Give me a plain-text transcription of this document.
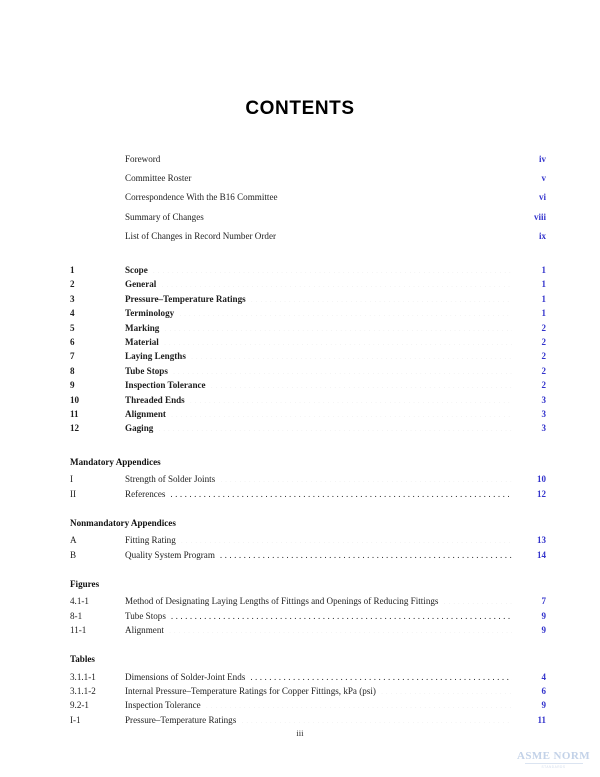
CONTENTS
Foreword . . .	iv
Committee Roster . . .	v
Correspondence With the B16 Committee . . .	vi
Summary of Changes . . .	viii
List of Changes in Record Number Order . . .	ix
1	Scope . . .	1
2	General . . .	1
3	Pressure–Temperature Ratings . . .	1
4	Terminology . . .	1
5	Marking . . .	2
6	Material . . .	2
7	Laying Lengths . . .	2
8	Tube Stops . . .	2
9	Inspection Tolerance . . .	2
10	Threaded Ends . . .	3
11	Alignment . . .	3
12	Gaging . . .	3
Mandatory Appendices
I	Strength of Solder Joints . . .	10
II	References . . .	12
Nonmandatory Appendices
A	Fitting Rating . . .	13
B	Quality System Program . . .	14
Figures
4.1-1	Method of Designating Laying Lengths of Fittings and Openings of Reducing Fittings . . .	7
8-1	Tube Stops . . .	9
11-1	Alignment . . .	9
Tables
3.1.1-1	Dimensions of Solder-Joint Ends . . .	4
3.1.1-2	Internal Pressure–Temperature Ratings for Copper Fittings, kPa (psi) . . .	6
9.2-1	Inspection Tolerance . . .	9
I-1	Pressure–Temperature Ratings . . .	11
iii
ASME NORM
STANDARDS
